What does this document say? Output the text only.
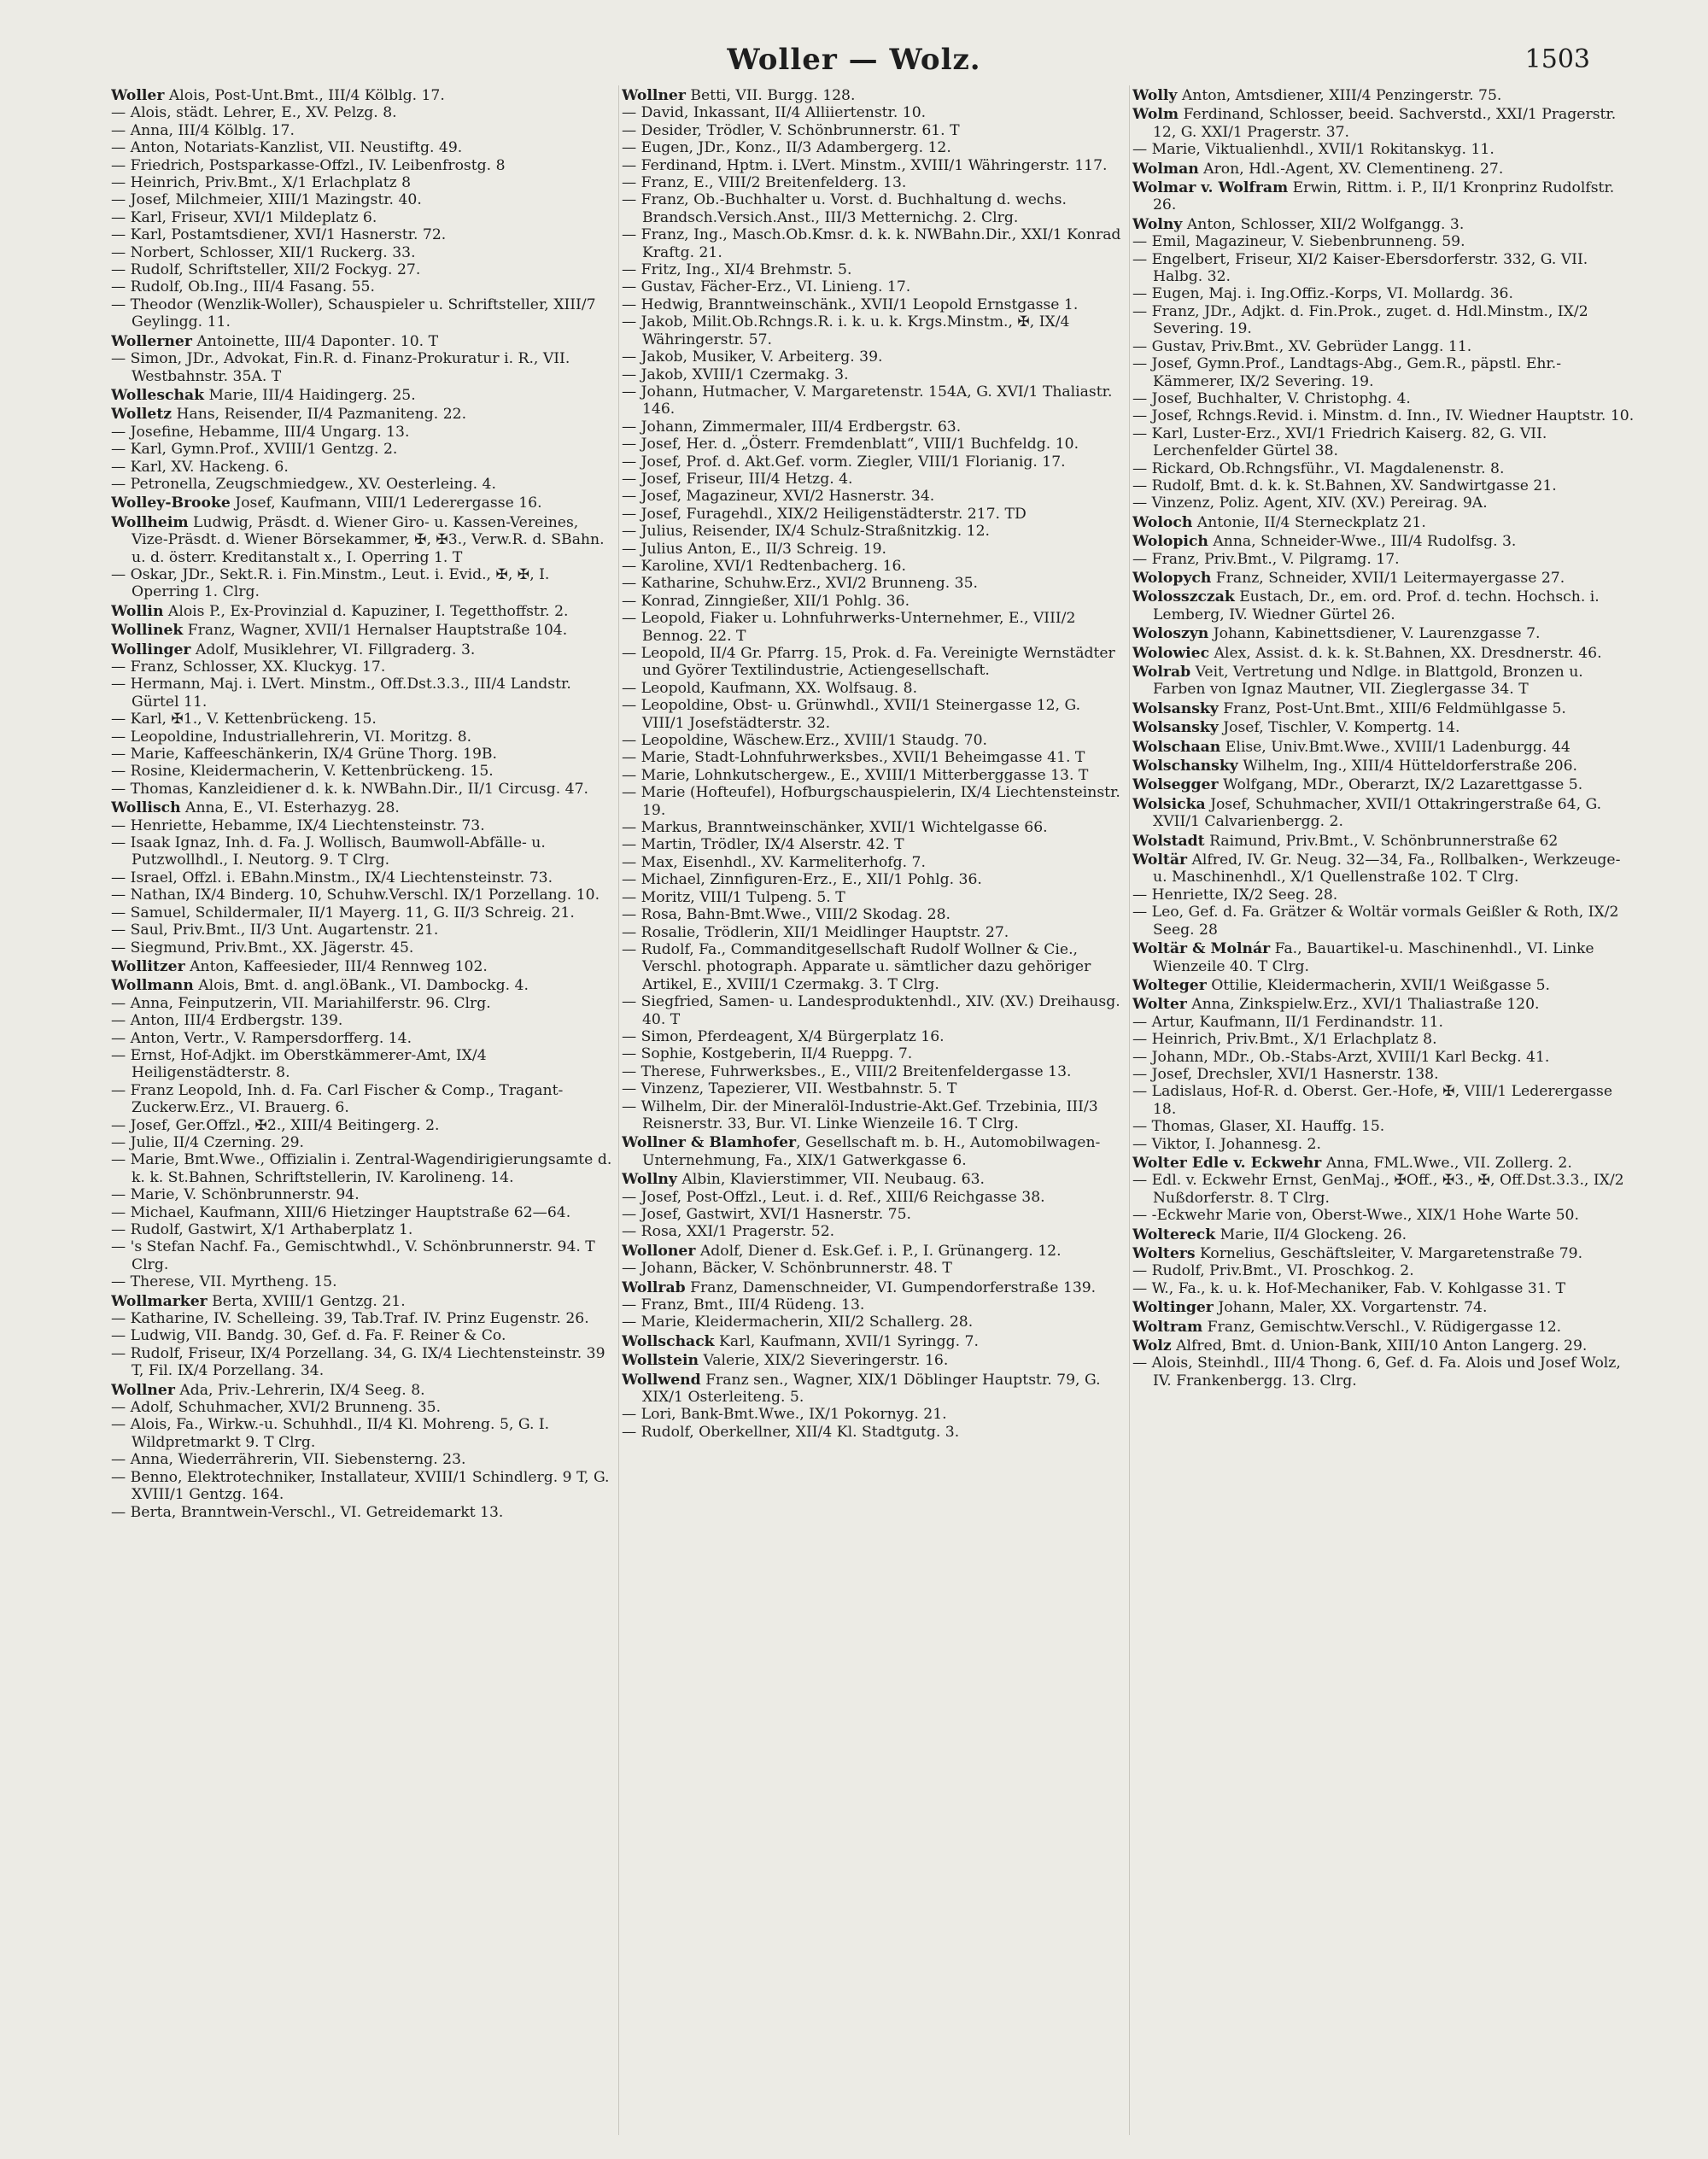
Woller — Wolz.	1503

Woller Alois, Post-Unt.Bmt., III/4 Kölblg. 17.

— Alois, städt. Lehrer, E., XV. Pelzg. 8.

— Anna, III/4 Kölblg. 17.

— Anton, Notariats-Kanzlist, VII. Neustiftg. 49.

— Friedrich, Postsparkasse-Offzl., IV. Leibenfrostg. 8

— Heinrich, Priv.Bmt., X/1 Erlachplatz 8

— Josef, Milchmeier, XIII/1 Mazingstr. 40.

— Karl, Friseur, XVI/1 Mildeplatz 6.

— Karl, Postamtsdiener, XVI/1 Hasnerstr. 72.

— Norbert, Schlosser, XII/1 Ruckerg. 33.

— Rudolf, Schriftsteller, XII/2 Fockyg. 27.

— Rudolf, Ob.Ing., III/4 Fasang. 55.

— Theodor (Wenzlik-Woller), Schauspieler u. Schriftsteller, XIII/7 Geylingg. 11.

Wollerner Antoinette, III/4 Dapontег. 10. T

— Simon, JDr., Advokat, Fin.R. d. Finanz-Prokuratur i. R., VII. Westbahnstr. 35A. T

Wolleschak Marie, III/4 Haidingerg. 25.

Wolletz Hans, Reisender, II/4 Pazmaniteng. 22.

— Josefine, Hebamme, III/4 Ungarg. 13.

— Karl, Gymn.Prof., XVIII/1 Gentzg. 2.

— Karl, XV. Hackeng. 6.

— Petronella, Zeugschmiedgew., XV. Oesterleing. 4.

Wolley-Brooke Josef, Kaufmann, VIII/1 Lederergasse 16.

Wollheim Ludwig, Präsdt. d. Wiener Giro- u. Kassen-Vereines, Vize-Präsdt. d. Wiener Börsekammer, ✠, ✠3., Verw.R. d. SBahn. u. d. österr. Kreditanstalt x., I. Operring 1. T

— Oskar, JDr., Sekt.R. i. Fin.Minstm., Leut. i. Evid., ✠, ✠, I. Operring 1. Clrg.

Wollin Alois P., Ex-Provinzial d. Kapuziner, I. Tegetthoffstr. 2.

Wollinek Franz, Wagner, XVII/1 Hernalser Hauptstraße 104.

Wollinger Adolf, Musiklehrer, VI. Fillgraderg. 3.

— Franz, Schlosser, XX. Kluckyg. 17.

— Hermann, Maj. i. LVert. Minstm., Off.Dst.3.3., III/4 Landstr. Gürtel 11.

— Karl, ✠1., V. Kettenbrückeng. 15.

— Leopoldine, Industriallehrerin, VI. Moritzg. 8.

— Marie, Kaffeeschänkerin, IX/4 Grüne Thorg. 19B.

— Rosine, Kleidermacherin, V. Kettenbrückeng. 15.

— Thomas, Kanzleidiener d. k. k. NWBahn.Dir., II/1 Circusg. 47.

Wollisch Anna, E., VI. Esterhazyg. 28.

— Henriette, Hebamme, IX/4 Liechtensteinstr. 73.

— Isaak Ignaz, Inh. d. Fa. J. Wollisch, Baumwoll-Abfälle- u. Putzwollhdl., I. Neutorg. 9. T Clrg.

— Israel, Offzl. i. EBahn.Minstm., IX/4 Liechtensteinstr. 73.

— Nathan, IX/4 Binderg. 10, Schuhw.Verschl. IX/1 Porzellang. 10.

— Samuel, Schildermaler, II/1 Mayerg. 11, G. II/3 Schreig. 21.

— Saul, Priv.Bmt., II/3 Unt. Augartenstr. 21.

— Siegmund, Priv.Bmt., XX. Jägerstr. 45.

Wollitzer Anton, Kaffeesieder, III/4 Rennweg 102.

Wollmann Alois, Bmt. d. angl.öBank., VI. Dambockg. 4.

— Anna, Feinputzerin, VII. Mariahilferstr. 96. Clrg.

— Anton, III/4 Erdbergstr. 139.

— Anton, Vertr., V. Rampersdorfferg. 14.

— Ernst, Hof-Adjkt. im Oberstkämmerer-Amt, IX/4 Heiligenstädterstr. 8.

— Franz Leopold, Inh. d. Fa. Carl Fischer & Comp., Tragant-Zuckerw.Erz., VI. Brauerg. 6.

— Josef, Ger.Offzl., ✠2., XIII/4 Beitingerg. 2.

— Julie, II/4 Czerning. 29.

— Marie, Bmt.Wwe., Offizialin i. Zentral-Wagendirigierungsamte d. k. k. St.Bahnen, Schriftstellerin, IV. Karolineng. 14.

— Marie, V. Schönbrunnerstr. 94.

— Michael, Kaufmann, XIII/6 Hietzinger Hauptstraße 62—64.

— Rudolf, Gastwirt, X/1 Arthaberplatz 1.

— 's Stefan Nachf. Fa., Gemischtwhdl., V. Schönbrunnerstr. 94. T Clrg.

— Therese, VII. Myrtheng. 15.

Wollmarker Berta, XVIII/1 Gentzg. 21.

— Katharine, IV. Schelleing. 39, Tab.Traf. IV. Prinz Eugenstr. 26.

— Ludwig, VII. Bandg. 30, Gef. d. Fa. F. Reiner & Co.

— Rudolf, Friseur, IX/4 Porzellang. 34, G. IX/4 Liechtensteinstr. 39 T, Fil. IX/4 Porzellang. 34.

Wollner Ada, Priv.-Lehrerin, IX/4 Seeg. 8.

— Adolf, Schuhmacher, XVI/2 Brunneng. 35.

— Alois, Fa., Wirkw.-u. Schuhhdl., II/4 Kl. Mohreng. 5, G. I. Wildpretmarkt 9. T Clrg.

— Anna, Wiederrährerin, VII. Siebensterng. 23.

— Benno, Elektrotechniker, Installateur, XVIII/1 Schindlerg. 9 T, G. XVIII/1 Gentzg. 164.

— Berta, Branntwein-Verschl., VI. Getreidemarkt 13.

Wollner Betti, VII. Burgg. 128.

— David, Inkassant, II/4 Alliiertenstr. 10.

— Desider, Trödler, V. Schönbrunnerstr. 61. T

— Eugen, JDr., Konz., II/3 Adambergerg. 12.

— Ferdinand, Hptm. i. LVert. Minstm., XVIII/1 Währingerstr. 117.

— Franz, E., VIII/2 Breitenfelderg. 13.

— Franz, Ob.-Buchhalter u. Vorst. d. Buchhaltung d. wechs. Brandsch.Versich.Anst., III/3 Metternichg. 2. Clrg.

— Franz, Ing., Masch.Ob.Kmsr. d. k. k. NWBahn.Dir., XXI/1 Konrad Kraftg. 21.

— Fritz, Ing., XI/4 Brehmstr. 5.

— Gustav, Fächer-Erz., VI. Linieng. 17.

— Hedwig, Branntweinschänk., XVII/1 Leopold Ernstgasse 1.

— Jakob, Milit.Ob.Rchngs.R. i. k. u. k. Krgs.Minstm., ✠, IX/4 Währingerstr. 57.

— Jakob, Musiker, V. Arbeiterg. 39.

— Jakob, XVIII/1 Czermakg. 3.

— Johann, Hutmacher, V. Margaretenstr. 154A, G. XVI/1 Thaliastr. 146.

— Johann, Zimmermaler, III/4 Erdbergstr. 63.

— Josef, Her. d. „Österr. Fremdenblatt“, VIII/1 Buchfeldg. 10.

— Josef, Prof. d. Akt.Gef. vorm. Ziegler, VIII/1 Florianig. 17.

— Josef, Friseur, III/4 Hetzg. 4.

— Josef, Magazineur, XVI/2 Hasnerstr. 34.

— Josef, Furagehdl., XIX/2 Heiligenstädterstr. 217. TD

— Julius, Reisender, IX/4 Schulz-Straßnitzkig. 12.

— Julius Anton, E., II/3 Schreig. 19.

— Karoline, XVI/1 Redtenbacherg. 16.

— Katharine, Schuhw.Erz., XVI/2 Brunneng. 35.

— Konrad, Zinngießer, XII/1 Pohlg. 36.

— Leopold, Fiaker u. Lohnfuhrwerks-Unternehmer, E., VIII/2 Bennog. 22. T

— Leopold, II/4 Gr. Pfarrg. 15, Prok. d. Fa. Vereinigte Wernstädter und Györer Textilindustrie, Actiengesellschaft.

— Leopold, Kaufmann, XX. Wolfsaug. 8.

— Leopoldine, Obst- u. Grünwhdl., XVII/1 Steinergasse 12, G. VIII/1 Josefstädterstr. 32.

— Leopoldine, Wäschew.Erz., XVIII/1 Staudg. 70.

— Marie, Stadt-Lohnfuhrwerksbes., XVII/1 Beheimgasse 41. T

— Marie, Lohnkutschergew., E., XVIII/1 Mitterberggasse 13. T

— Marie (Hofteufel), Hofburgschauspielerin, IX/4 Liechtensteinstr. 19.

— Markus, Branntweinschänker, XVII/1 Wichtelgasse 66.

— Martin, Trödler, IX/4 Alserstr. 42. T

— Max, Eisenhdl., XV. Karmeliterhofg. 7.

— Michael, Zinnfiguren-Erz., E., XII/1 Pohlg. 36.

— Moritz, VIII/1 Tulpeng. 5. T

— Rosa, Bahn-Bmt.Wwe., VIII/2 Skodag. 28.

— Rosalie, Trödlerin, XII/1 Meidlinger Hauptstr. 27.

— Rudolf, Fa., Commanditgesellschaft Rudolf Wollner & Cie., Verschl. photograph. Apparate u. sämtlicher dazu gehöriger Artikel, E., XVIII/1 Czermakg. 3. T Clrg.

— Siegfried, Samen- u. Landesproduktenhdl., XIV. (XV.) Dreihausg. 40. T

— Simon, Pferdeagent, X/4 Bürgerplatz 16.

— Sophie, Kostgeberin, II/4 Rueppg. 7.

— Therese, Fuhrwerksbes., E., VIII/2 Breitenfeldergasse 13.

— Vinzenz, Tapezierer, VII. Westbahnstr. 5. T

— Wilhelm, Dir. der Mineralöl-Industrie-Akt.Gef. Trzebinia, III/3 Reisnerstr. 33, Bur. VI. Linke Wienzeile 16. T Clrg.

Wollner & Blamhofer, Gesellschaft m. b. H., Automobilwagen-Unternehmung, Fa., XIX/1 Gatwerkgasse 6.

Wollny Albin, Klavierstimmer, VII. Neubaug. 63.

— Josef, Post-Offzl., Leut. i. d. Ref., XIII/6 Reichgasse 38.

— Josef, Gastwirt, XVI/1 Hasnerstr. 75.

— Rosa, XXI/1 Pragerstr. 52.

Wolloner Adolf, Diener d. Esk.Gef. i. P., I. Grünangerg. 12.

— Johann, Bäcker, V. Schönbrunnerstr. 48. T

Wollrab Franz, Damenschneider, VI. Gumpendorferstraße 139.

— Franz, Bmt., III/4 Rüdeng. 13.

— Marie, Kleidermacherin, XII/2 Schallerg. 28.

Wollschack Karl, Kaufmann, XVII/1 Syringg. 7.

Wollstein Valerie, XIX/2 Sieveringerstr. 16.

Wollwend Franz sen., Wagner, XIX/1 Döblinger Hauptstr. 79, G. XIX/1 Osterleiteng. 5.

— Lori, Bank-Bmt.Wwe., IX/1 Pokornyg. 21.

— Rudolf, Oberkellner, XII/4 Kl. Stadtgutg. 3.

Wolly Anton, Amtsdiener, XIII/4 Penzingerstr. 75.

Wolm Ferdinand, Schlosser, beeid. Sachverstd., XXI/1 Pragerstr. 12, G. XXI/1 Pragerstr. 37.

— Marie, Viktualienhdl., XVII/1 Rokitanskyg. 11.

Wolman Aron, Hdl.-Agent, XV. Clementineng. 27.

Wolmar v. Wolfram Erwin, Rittm. i. P., II/1 Kronprinz Rudolfstr. 26.

Wolny Anton, Schlosser, XII/2 Wolfgangg. 3.

— Emil, Magazineur, V. Siebenbrunneng. 59.

— Engelbert, Friseur, XI/2 Kaiser-Ebersdorferstr. 332, G. VII. Halbg. 32.

— Eugen, Maj. i. Ing.Offiz.-Korps, VI. Mollardg. 36.

— Franz, JDr., Adjkt. d. Fin.Prok., zuget. d. Hdl.Minstm., IX/2 Severing. 19.

— Gustav, Priv.Bmt., XV. Gebrüder Langg. 11.

— Josef, Gymn.Prof., Landtags-Abg., Gem.R., päpstl. Ehr.-Kämmerer, IX/2 Severing. 19.

— Josef, Buchhalter, V. Christophg. 4.

— Josef, Rchngs.Revid. i. Minstm. d. Inn., IV. Wiedner Hauptstr. 10.

— Karl, Luster-Erz., XVI/1 Friedrich Kaiserg. 82, G. VII. Lerchenfelder Gürtel 38.

— Rickard, Ob.Rchngsführ., VI. Magdalenenstr. 8.

— Rudolf, Bmt. d. k. k. St.Bahnen, XV. Sandwirtgasse 21.

— Vinzenz, Poliz. Agent, XIV. (XV.) Pereirag. 9A.

Woloch Antonie, II/4 Sterneckplatz 21.

Wolopich Anna, Schneider-Wwe., III/4 Rudolfsg. 3.

— Franz, Priv.Bmt., V. Pilgramg. 17.

Wolopych Franz, Schneider, XVII/1 Leitermayergasse 27.

Wolosszczak Eustach, Dr., em. ord. Prof. d. techn. Hochsch. i. Lemberg, IV. Wiedner Gürtel 26.

Woloszyn Johann, Kabinettsdiener, V. Laurenzgasse 7.

Wolowiec Alex, Assist. d. k. k. St.Bahnen, XX. Dresdnerstr. 46.

Wolrab Veit, Vertretung und Ndlge. in Blattgold, Bronzen u. Farben von Ignaz Mautner, VII. Zieglergasse 34. T

Wolsansky Franz, Post-Unt.Bmt., XIII/6 Feldmühlgasse 5.

Wolsansky Josef, Tischler, V. Kompertg. 14.

Wolschaan Elise, Univ.Bmt.Wwe., XVIII/1 Ladenburgg. 44

Wolschansky Wilhelm, Ing., XIII/4 Hütteldorferstraße 206.

Wolsegger Wolfgang, MDr., Oberarzt, IX/2 Lazarettgasse 5.

Wolsicka Josef, Schuhmacher, XVII/1 Ottakringerstraße 64, G. XVII/1 Calvarienbergg. 2.

Wolstadt Raimund, Priv.Bmt., V. Schönbrunnerstraße 62

Woltär Alfred, IV. Gr. Neug. 32—34, Fa., Rollbalken-, Werkzeuge- u. Maschinenhdl., X/1 Quellenstraße 102. T Clrg.

— Henriette, IX/2 Seeg. 28.

— Leo, Gef. d. Fa. Grätzer & Woltär vormals Geißler & Roth, IX/2 Seeg. 28

Woltär & Molnár Fa., Bauartikel-u. Maschinenhdl., VI. Linke Wienzeile 40. T Clrg.

Wolteger Ottilie, Kleidermacherin, XVII/1 Weißgasse 5.

Wolter Anna, Zinkspielw.Erz., XVI/1 Thaliastraße 120.

— Artur, Kaufmann, II/1 Ferdinandstr. 11.

— Heinrich, Priv.Bmt., X/1 Erlachplatz 8.

— Johann, MDr., Ob.-Stabs-Arzt, XVIII/1 Karl Beckg. 41.

— Josef, Drechsler, XVI/1 Hasnerstr. 138.

— Ladislaus, Hof-R. d. Oberst. Ger.-Hofe, ✠, VIII/1 Lederergasse 18.

— Thomas, Glaser, XI. Hauffg. 15.

— Viktor, I. Johannesg. 2.

Wolter Edle v. Eckwehr Anna, FML.Wwe., VII. Zollerg. 2.

— Edl. v. Eckwehr Ernst, GenMaj., ✠Off., ✠3., ✠, Off.Dst.3.3., IX/2 Nußdorferstr. 8. T Clrg.

— -Eckwehr Marie von, Oberst-Wwe., XIX/1 Hohe Warte 50.

Woltereck Marie, II/4 Glockeng. 26.

Wolters Kornelius, Geschäftsleiter, V. Margaretenstraße 79.

— Rudolf, Priv.Bmt., VI. Proschkog. 2.

— W., Fa., k. u. k. Hof-Mechaniker, Fab. V. Kohlgasse 31. T

Woltinger Johann, Maler, XX. Vorgartenstr. 74.

Woltram Franz, Gemischtw.Verschl., V. Rüdigergasse 12.

Wolz Alfred, Bmt. d. Union-Bank, XIII/10 Anton Langerg. 29.

— Alois, Steinhdl., III/4 Thong. 6, Gef. d. Fa. Alois und Josef Wolz, IV. Frankenbergg. 13. Clrg.
